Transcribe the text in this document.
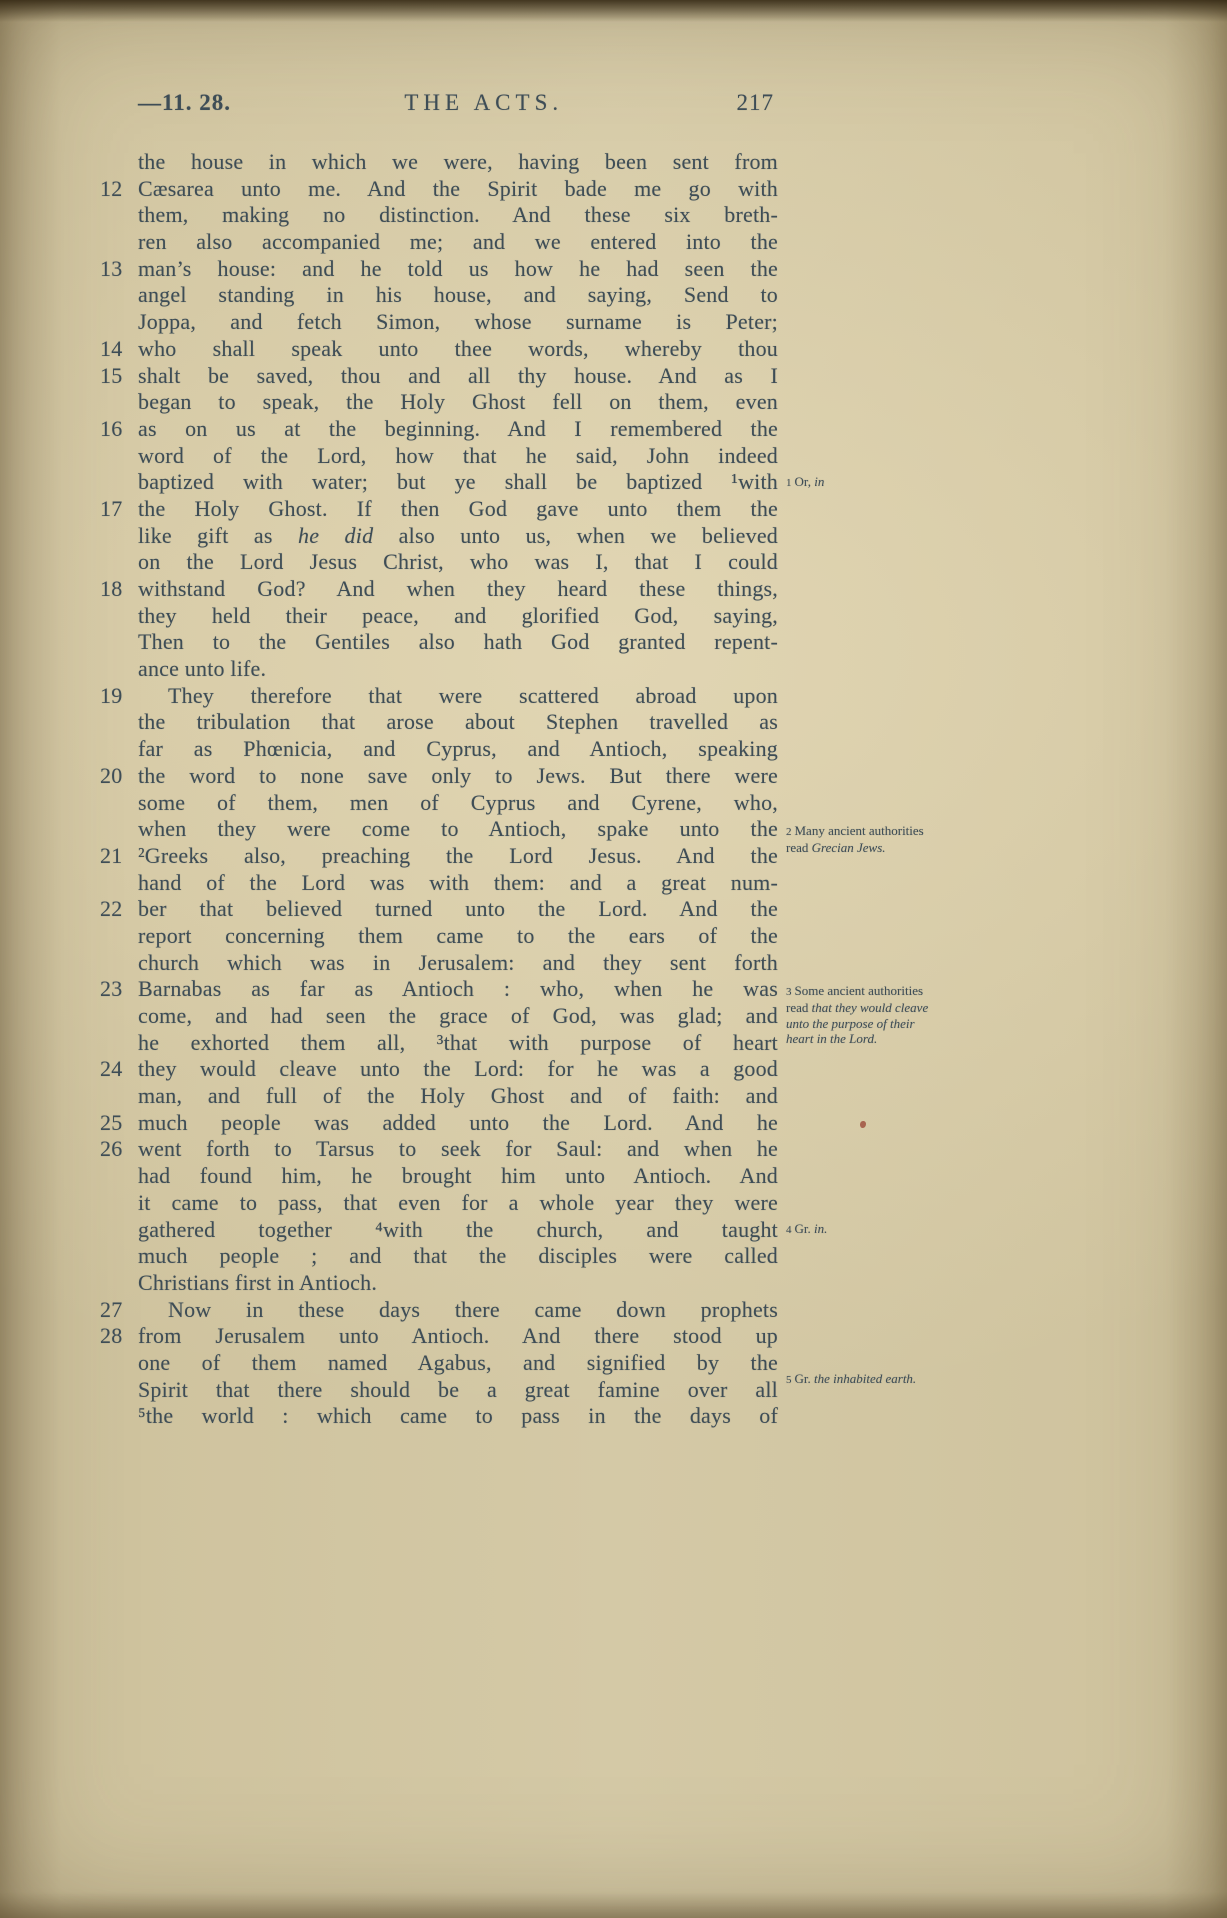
—11. 28.	THE ACTS.	217
the house in which we were, having been sent from
12 Cæsarea unto me. And the Spirit bade me go with
them, making no distinction. And these six breth-
ren also accompanied me; and we entered into the
13 man’s house: and he told us how he had seen the
angel standing in his house, and saying, Send to
Joppa, and fetch Simon, whose surname is Peter;
14 who shall speak unto thee words, whereby thou
15 shalt be saved, thou and all thy house. And as I
began to speak, the Holy Ghost fell on them, even
16 as on us at the beginning. And I remembered the
word of the Lord, how that he said, John indeed
baptized with water; but ye shall be baptized ¹with
17 the Holy Ghost. If then God gave unto them the
like gift as he did also unto us, when we believed
on the Lord Jesus Christ, who was I, that I could
18 withstand God? And when they heard these things,
they held their peace, and glorified God, saying,
Then to the Gentiles also hath God granted repent-
ance unto life.
19	They therefore that were scattered abroad upon
the tribulation that arose about Stephen travelled as
far as Phœnicia, and Cyprus, and Antioch, speaking
20 the word to none save only to Jews. But there were
some of them, men of Cyprus and Cyrene, who,
when they were come to Antioch, spake unto the
21 ²Greeks also, preaching the Lord Jesus. And the
hand of the Lord was with them: and a great num-
22 ber that believed turned unto the Lord. And the
report concerning them came to the ears of the
church which was in Jerusalem: and they sent forth
23 Barnabas as far as Antioch : who, when he was
come, and had seen the grace of God, was glad; and
he exhorted them all, ³that with purpose of heart
24 they would cleave unto the Lord: for he was a good
man, and full of the Holy Ghost and of faith: and
25 much people was added unto the Lord. And he
26 went forth to Tarsus to seek for Saul: and when he
had found him, he brought him unto Antioch. And
it came to pass, that even for a whole year they were
gathered together ⁴with the church, and taught
much people ; and that the disciples were called
Christians first in Antioch.
27	Now in these days there came down prophets
28 from Jerusalem unto Antioch. And there stood up
one of them named Agabus, and signified by the
Spirit that there should be a great famine over all
⁵the world : which came to pass in the days of
1 Or, in
2 Many ancient authorities read Grecian Jews.
3 Some ancient authorities read that they would cleave unto the purpose of their heart in the Lord.
4 Gr. in.
5 Gr. the inhabited earth.
